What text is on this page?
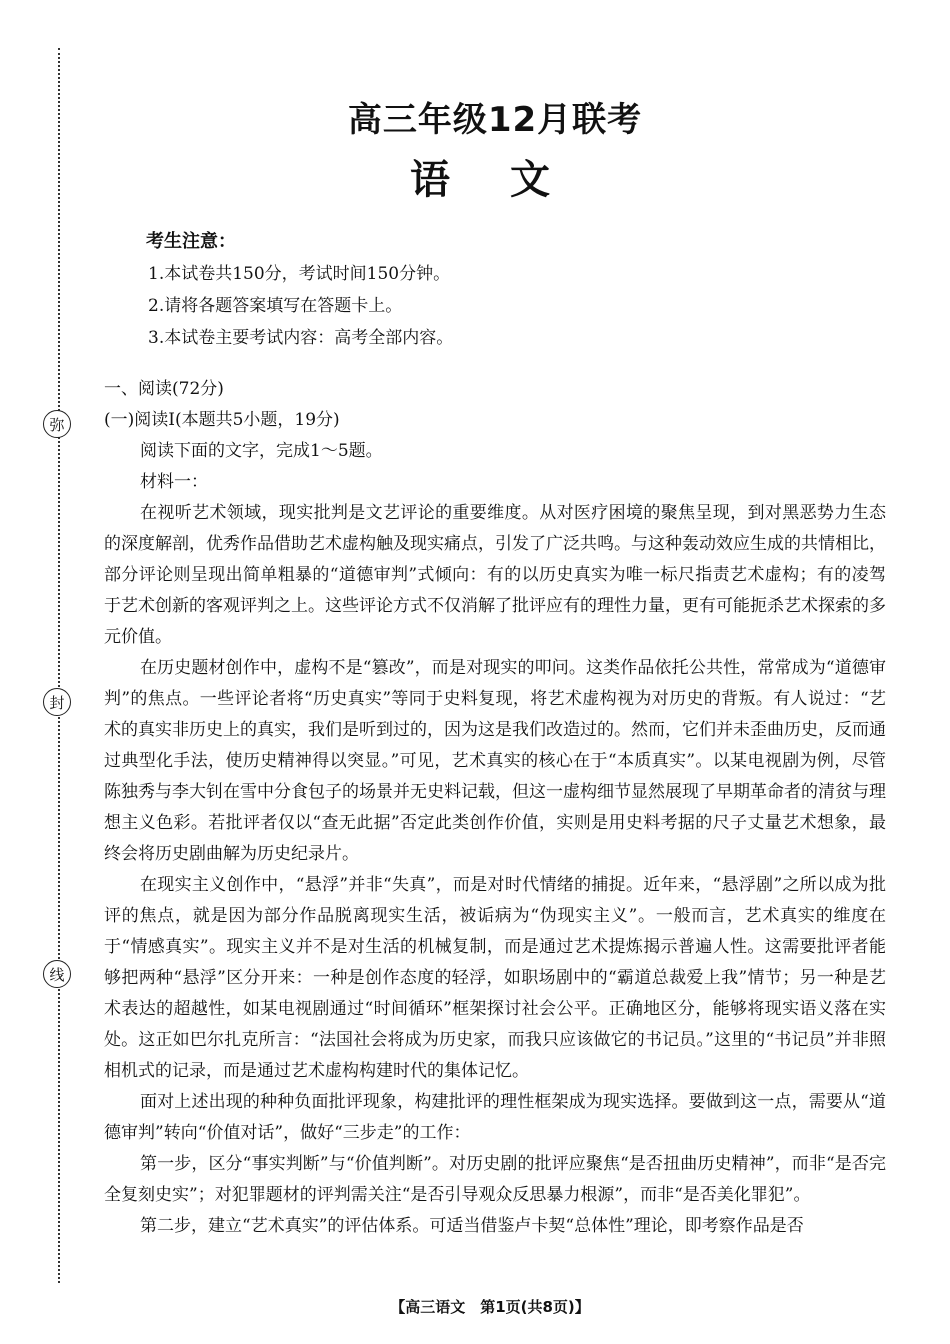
弥
封
线
高三年级12月联考
语文
考生注意：
1.本试卷共150分，考试时间150分钟。
2.请将各题答案填写在答题卡上。
3.本试卷主要考试内容：高考全部内容。
一、阅读(72分)
(一)阅读Ⅰ(本题共5小题，19分)
阅读下面的文字，完成1～5题。
材料一：

在视听艺术领域，现实批判是文艺评论的重要维度。从对医疗困境的聚焦呈现，到对黑恶势力生态的深度解剖，优秀作品借助艺术虚构触及现实痛点，引发了广泛共鸣。与这种轰动效应生成的共情相比，部分评论则呈现出简单粗暴的“道德审判”式倾向：有的以历史真实为唯一标尺指责艺术虚构；有的凌驾于艺术创新的客观评判之上。这些评论方式不仅消解了批评应有的理性力量，更有可能扼杀艺术探索的多元价值。

在历史题材创作中，虚构不是“篡改”，而是对现实的叩问。这类作品依托公共性，常常成为“道德审判”的焦点。一些评论者将“历史真实”等同于史料复现，将艺术虚构视为对历史的背叛。有人说过：“艺术的真实非历史上的真实，我们是听到过的，因为这是我们改造过的。然而，它们并未歪曲历史，反而通过典型化手法，使历史精神得以突显。”可见，艺术真实的核心在于“本质真实”。以某电视剧为例，尽管陈独秀与李大钊在雪中分食包子的场景并无史料记载，但这一虚构细节显然展现了早期革命者的清贫与理想主义色彩。若批评者仅以“查无此据”否定此类创作价值，实则是用史料考据的尺子丈量艺术想象，最终会将历史剧曲解为历史纪录片。

在现实主义创作中，“悬浮”并非“失真”，而是对时代情绪的捕捉。近年来，“悬浮剧”之所以成为批评的焦点，就是因为部分作品脱离现实生活，被诟病为“伪现实主义”。一般而言，艺术真实的维度在于“情感真实”。现实主义并不是对生活的机械复制，而是通过艺术提炼揭示普遍人性。这需要批评者能够把两种“悬浮”区分开来：一种是创作态度的轻浮，如职场剧中的“霸道总裁爱上我”情节；另一种是艺术表达的超越性，如某电视剧通过“时间循环”框架探讨社会公平。正确地区分，能够将现实语义落在实处。这正如巴尔扎克所言：“法国社会将成为历史家，而我只应该做它的书记员。”这里的“书记员”并非照相机式的记录，而是通过艺术虚构构建时代的集体记忆。

面对上述出现的种种负面批评现象，构建批评的理性框架成为现实选择。要做到这一点，需要从“道德审判”转向“价值对话”，做好“三步走”的工作：

第一步，区分“事实判断”与“价值判断”。对历史剧的批评应聚焦“是否扭曲历史精神”，而非“是否完全复刻史实”；对犯罪题材的评判需关注“是否引导观众反思暴力根源”，而非“是否美化罪犯”。

第二步，建立“艺术真实”的评估体系。可适当借鉴卢卡契“总体性”理论，即考察作品是否

【高三语文　第1页(共8页)】
